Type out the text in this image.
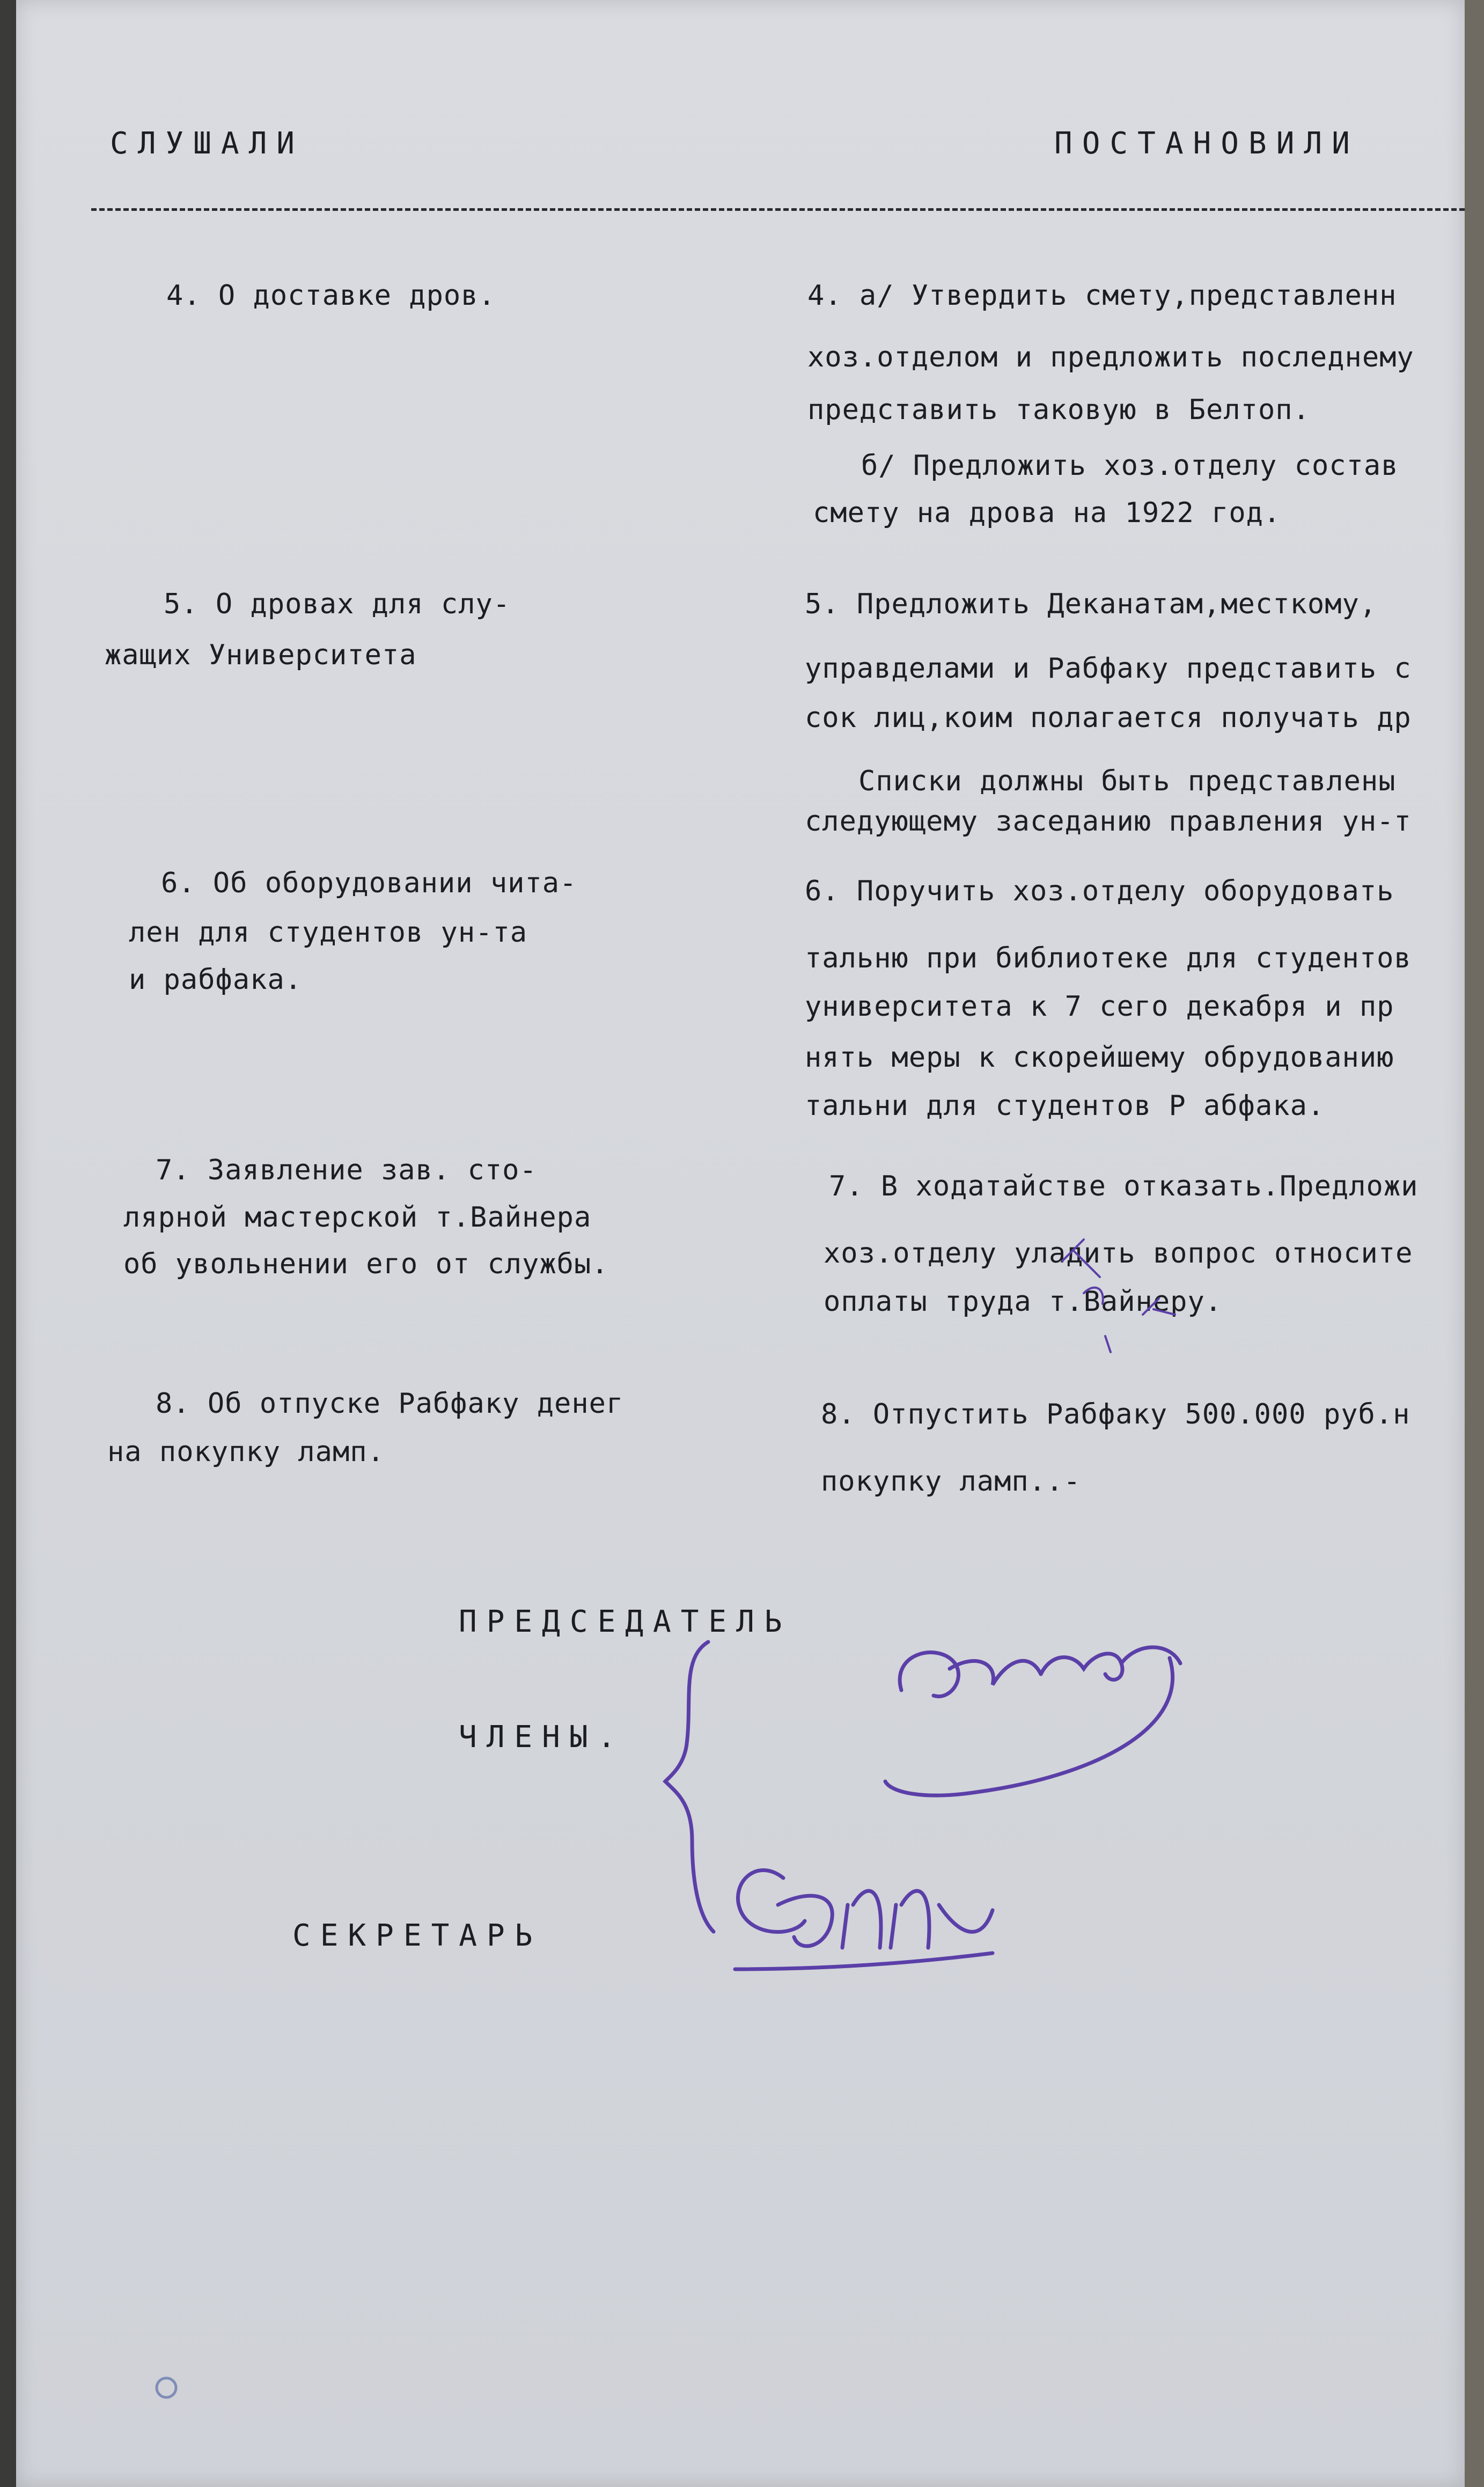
СЛУШАЛИ	ПОСТАНОВИЛИ
4. О доставке дров.
5. О дровах для слу-
жащих Университета
6. Об оборудовании чита-
лен для студентов ун-та
и рабфака.
7. Заявление зав. сто-
лярной мастерской т.Вайнера
об увольнении его от службы.
8. Об отпуске Рабфаку денег
на покупку ламп.
4. а/ Утвердить смету,представленн
хоз.отделом и предложить последнему
представить таковую в Белтоп.
б/ Предложить хоз.отделу состав
смету на дрова на 1922 год.
5. Предложить Деканатам,месткому,
управделами и Рабфаку представить с
сок лиц,коим полагается получать др
Списки должны быть представлены
следующему заседанию правления ун-т
6. Поручить хоз.отделу оборудовать
тальню при библиотеке для студентов
университета к 7 сего декабря и пр
нять меры к скорейшему обрудованию
тальни для студентов Р абфака.
7. В ходатайстве отказать.Предложи
хоз.отделу уладить вопрос относите
оплаты труда т.Вайнеру.
8. Отпустить Рабфаку 500.000 руб.н
покупку ламп..-
ПРЕДСЕДАТЕЛЬ
ЧЛЕНЫ.
СЕКРЕТАРЬ
